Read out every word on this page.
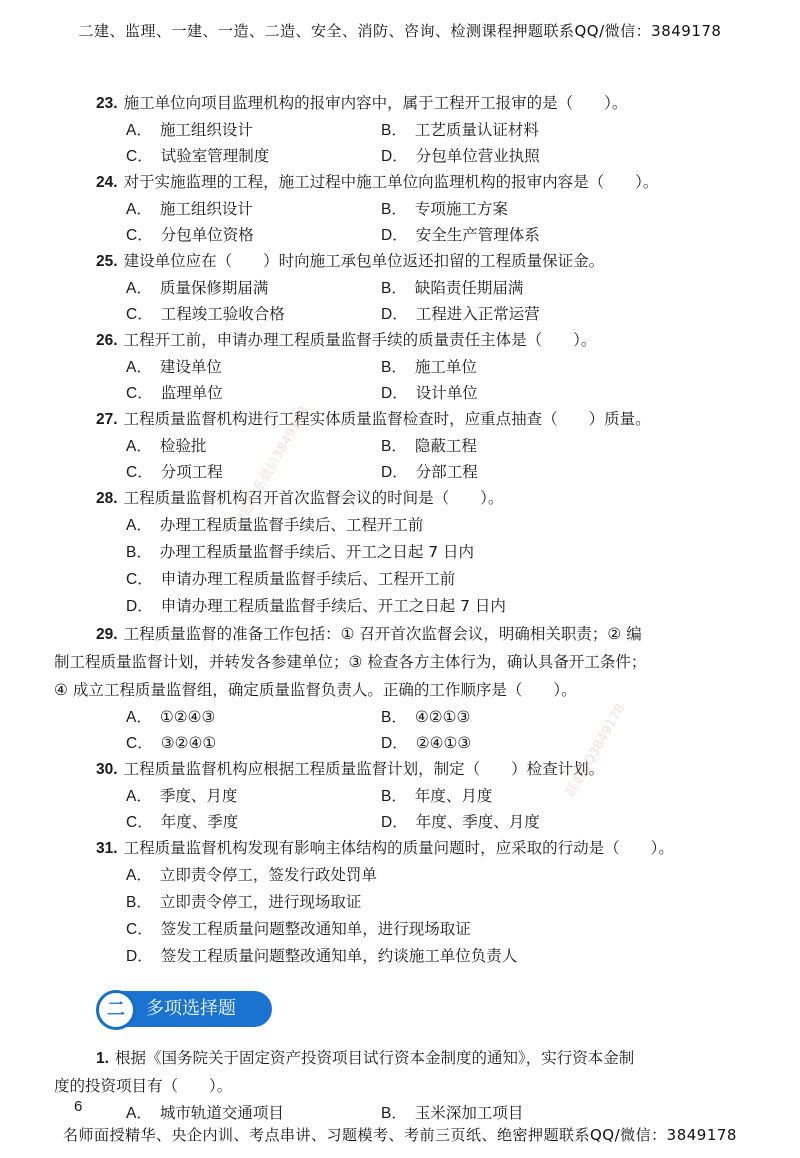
二建、监理、一建、一造、二造、安全、消防、咨询、检测课程押题联系QQ/微信：3849178
23. 施工单位向项目监理机构的报审内容中，属于工程开工报审的是（　　）。
A． 施工组织设计	B． 工艺质量认证材料
C． 试验室管理制度	D． 分包单位营业执照
24. 对于实施监理的工程，施工过程中施工单位向监理机构的报审内容是（　　）。
A． 施工组织设计	B． 专项施工方案
C． 分包单位资格	D． 安全生产管理体系
25. 建设单位应在（　　）时向施工承包单位返还扣留的工程质量保证金。
A． 质量保修期届满	B． 缺陷责任期届满
C． 工程竣工验收合格	D． 工程进入正常运营
26. 工程开工前，申请办理工程质量监督手续的质量责任主体是（　　）。
A． 建设单位	B． 施工单位
C． 监理单位	D． 设计单位
27. 工程质量监督机构进行工程实体质量监督检查时，应重点抽查（　　）质量。
A． 检验批	B． 隐蔽工程
C． 分项工程	D． 分部工程
28. 工程质量监督机构召开首次监督会议的时间是（　　）。
A． 办理工程质量监督手续后、工程开工前
B． 办理工程质量监督手续后、开工之日起 7 日内
C． 申请办理工程质量监督手续后、工程开工前
D． 申请办理工程质量监督手续后、开工之日起 7 日内
29. 工程质量监督的准备工作包括：① 召开首次监督会议，明确相关职责；② 编
制工程质量监督计划，并转发各参建单位；③ 检查各方主体行为，确认具备开工条件；
④ 成立工程质量监督组，确定质量监督负责人。正确的工作顺序是（　　）。
A． ①②④③	B． ④②①③
C． ③②④①	D． ②④①③
30. 工程质量监督机构应根据工程质量监督计划，制定（　　）检查计划。
A． 季度、月度	B． 年度、月度
C． 年度、季度	D． 年度、季度、月度
31. 工程质量监督机构发现有影响主体结构的质量问题时，应采取的行动是（　　）。
A． 立即责令停工，签发行政处罚单
B． 立即责令停工，进行现场取证
C． 签发工程质量问题整改通知单，进行现场取证
D． 签发工程质量问题整改通知单，约谈施工单位负责人
二	多项选择题
1. 根据《国务院关于固定资产投资项目试行资本金制度的通知》，实行资本金制
度的投资项目有（　　）。
A． 城市轨道交通项目	B． 玉米深加工项目
押题联系微信3849178
联系QQ3849178
6
名师面授精华、央企内训、考点串讲、习题模考、考前三页纸、绝密押题联系QQ/微信：3849178
